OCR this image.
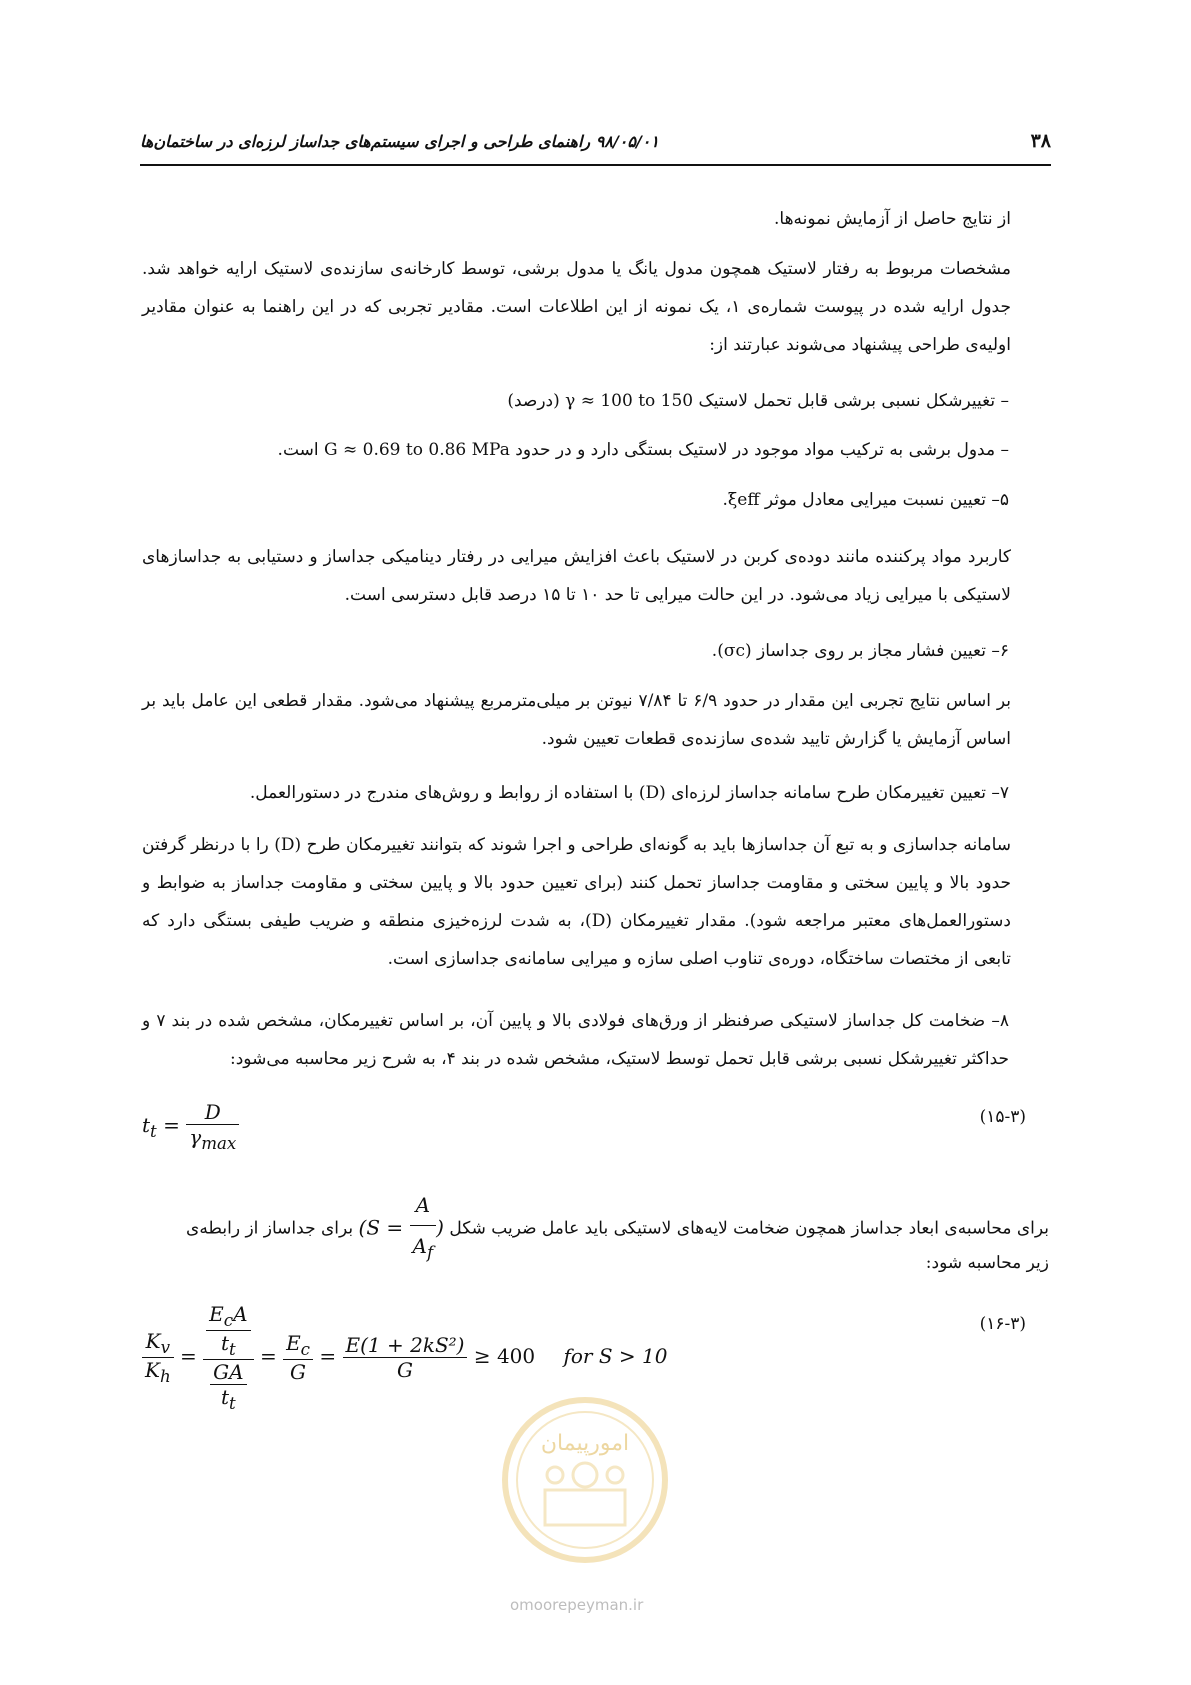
۳۸
۹۸/۰۵/۰۱ راهنمای طراحی و اجرای سیستم‌های جداساز لرزه‌ای در ساختمان‌ها
از نتایج حاصل از آزمایش نمونه‌ها.
مشخصات مربوط به رفتار لاستیک همچون مدول یانگ یا مدول برشی، توسط کارخانه‌ی سازنده‌ی لاستیک ارایه خواهد شد. جدول ارایه شده در پیوست شماره‌ی ۱، یک نمونه از این اطلاعات است. مقادیر تجربی که در این راهنما به عنوان مقادیر اولیه‌ی طراحی پیشنهاد می‌شوند عبارتند از:
– تغییرشکل نسبی برشی قابل تحمل لاستیک γ ≈ 100 to 150 (درصد)
– مدول برشی به ترکیب مواد موجود در لاستیک بستگی دارد و در حدود G ≈ 0.69 to 0.86 MPa است.
۵– تعیین نسبت میرایی معادل موثر ξeff.
کاربرد مواد پرکننده مانند دوده‌ی کربن در لاستیک باعث افزایش میرایی در رفتار دینامیکی جداساز و دستیابی به جداسازهای لاستیکی با میرایی زیاد می‌شود. در این حالت میرایی تا حد ۱۰ تا ۱۵ درصد قابل دسترسی است.
۶– تعیین فشار مجاز بر روی جداساز (σc).
بر اساس نتایج تجربی این مقدار در حدود ۶/۹ تا ۷/۸۴ نیوتن بر میلی‌مترمربع پیشنهاد می‌شود. مقدار قطعی این عامل باید بر اساس آزمایش یا گزارش تایید شده‌ی سازنده‌ی قطعات تعیین شود.
۷– تعیین تغییرمکان طرح سامانه جداساز لرزه‌ای (D) با استفاده از روابط و روش‌های مندرج در دستورالعمل.
سامانه جداسازی و به تبع آن جداسازها باید به گونه‌ای طراحی و اجرا شوند که بتوانند تغییرمکان طرح (D) را با درنظر گرفتن حدود بالا و پایین سختی و مقاومت جداساز تحمل کنند (برای تعیین حدود بالا و پایین سختی و مقاومت جداساز به ضوابط و دستورالعمل‌های معتبر مراجعه شود). مقدار تغییرمکان (D)، به شدت لرزه‌خیزی منطقه و ضریب طیفی بستگی دارد که تابعی از مختصات ساختگاه، دوره‌ی تناوب اصلی سازه و میرایی سامانه‌ی جداسازی است.
۸– ضخامت کل جداساز لاستیکی صرفنظر از ورق‌های فولادی بالا و پایین آن، بر اساس تغییرمکان، مشخص شده در بند ۷ و حداکثر تغییرشکل نسبی برشی قابل تحمل توسط لاستیک، مشخص شده در بند ۴، به شرح زیر محاسبه می‌شود:
(۱۵-۳)
$t_t = \frac{D}{\gamma_{max}}$
برای محاسبه‌ی ابعاد جداساز همچون ضخامت لایه‌های لاستیکی باید عامل ضریب شکل ($S = \frac{A}{A_f}$ ) برای جداساز از رابطه‌ی
زیر محاسبه شود:
(۱۶-۳)
$\frac{K_v}{K_h} = \frac{\frac{E_cA}{t_t}}{\frac{GA}{t_t}} = \frac{E_c}{G} = \frac{\text{E(1 + 2kS²)}}{G} \ge 400$ for S > 10
امورپیمان
omoorepeyman.ir
